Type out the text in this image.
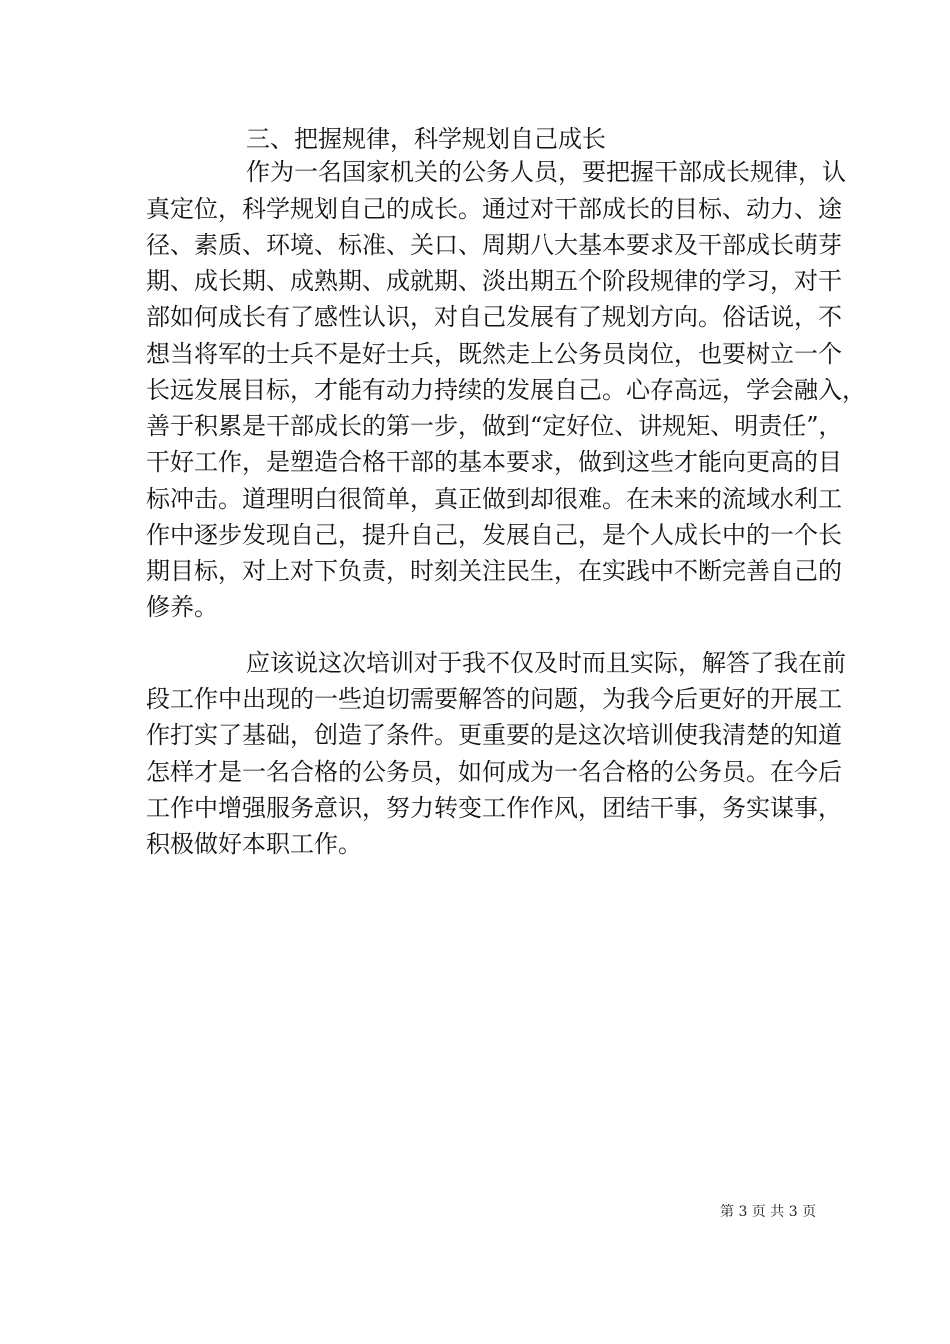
三、把握规律，科学规划自己成长
作为一名国家机关的公务人员，要把握干部成长规律，认
真定位，科学规划自己的成长。通过对干部成长的目标、动力、途
径、素质、环境、标准、关口、周期八大基本要求及干部成长萌芽
期、成长期、成熟期、成就期、淡出期五个阶段规律的学习，对干
部如何成长有了感性认识，对自己发展有了规划方向。俗话说，不
想当将军的士兵不是好士兵，既然走上公务员岗位，也要树立一个
长远发展目标，才能有动力持续的发展自己。心存高远，学会融入，
善于积累是干部成长的第一步，做到“定好位、讲规矩、明责任”，
干好工作，是塑造合格干部的基本要求，做到这些才能向更高的目
标冲击。道理明白很简单，真正做到却很难。在未来的流域水利工
作中逐步发现自己，提升自己，发展自己，是个人成长中的一个长
期目标，对上对下负责，时刻关注民生，在实践中不断完善自己的
修养。
应该说这次培训对于我不仅及时而且实际，解答了我在前
段工作中出现的一些迫切需要解答的问题，为我今后更好的开展工
作打实了基础，创造了条件。更重要的是这次培训使我清楚的知道
怎样才是一名合格的公务员，如何成为一名合格的公务员。在今后
工作中增强服务意识，努力转变工作作风，团结干事，务实谋事，
积极做好本职工作。
第 3 页 共 3 页
